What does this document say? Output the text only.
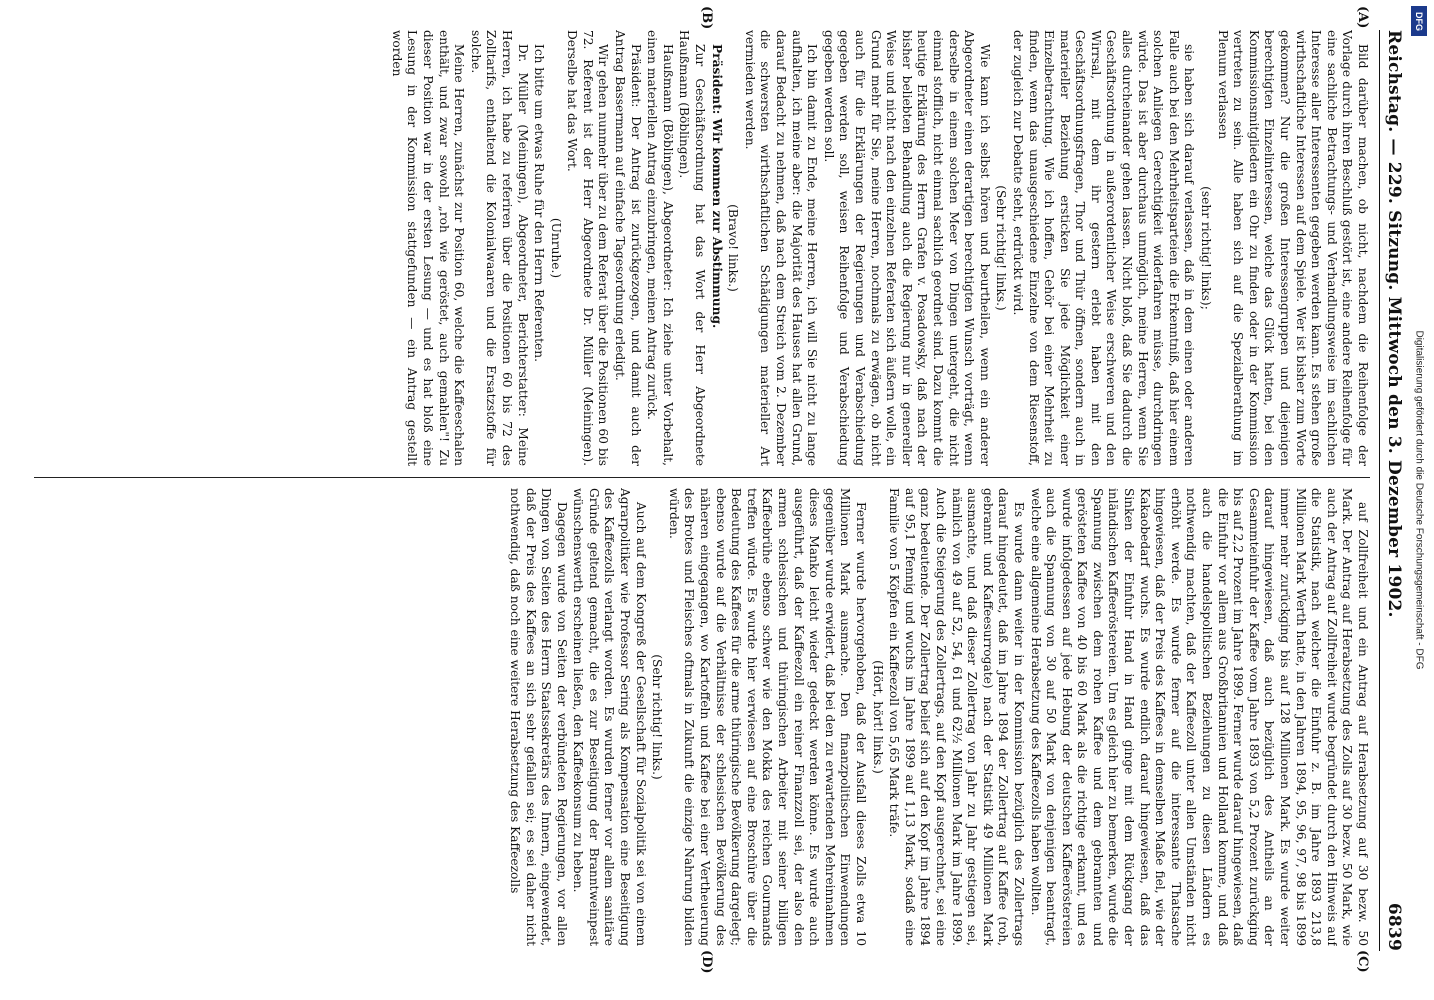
Reichstag. — 229. Sitzung. Mittwoch den 3. Dezember 1902.
6839
(A)
(B)
(C)
(D)

Bild darüber machen, ob nicht, nachdem die Reihenfolge der Vorlage durch ihren Beschluß gestört ist, eine andere Reihenfolge für eine sachliche Betrachtungs- und Verhandlungsweise im sachlichen Interesse aller Interessenten gegeben werden kann. Es stehen große wirthschaftliche Interessen auf dem Spiele. Wer ist bisher zum Worte gekommen? Nur die großen Interessengruppen und diejenigen berechtigten Einzelinteressen, welche das Glück hatten, bei den Kommissionsmitgliedern ein Ohr zu finden oder in der Kommission vertreten zu sein. Alle haben sich auf die Spezialberathung im Plenum verlassen

(sehr richtig! links);

sie haben sich darauf verlassen, daß in dem einen oder anderen Falle auch bei den Mehrheitsparteien die Erkenntniß, daß hier einem solchen Anliegen Gerechtigkeit widerfahren müsse, durchdringen würde. Das ist aber durchaus unmöglich, meine Herren, wenn Sie alles durcheinander gehen lassen. Nicht bloß, daß Sie dadurch die Geschäftsordnung in außerordentlicher Weise erschweren und den Wirrsal, mit dem ihr gestern erlebt haben mit den Geschäftsordnungsfragen, Thor und Thür öffnen, sondern auch in materieller Beziehung ersticken Sie jede Möglichkeit einer Einzelbetrachtung. Wie ich hoffen, Gehör bei einer Mehrheit zu finden, wenn das unausgeschiedene Einzelne von dem Riesenstoff, der zugleich zur Debatte steht, erdrückt wird.

(Sehr richtig! links.)

Wie kann ich selbst hören und beurtheilen, wenn ein anderer Abgeordneter einen derartigen berechtigten Wunsch vorträgt, wenn derselbe in einem solchen Meer von Dingen untergeht, die nicht einmal stofflich, nicht einmal sachlich geordnet sind. Dazu kommt die heutige Erklärung des Herrn Grafen v. Posadowsky, daß nach der bisher beliebten Behandlung auch die Regierung nur in genereller Weise und nicht nach den einzelnen Referaten sich äußern wolle, ein Grund mehr für Sie, meine Herren, nochmals zu erwägen, ob nicht auch für die Erklärungen der Regierungen und Verabschiedung gegeben werden soll, weisen Reihenfolge und Verabschiedung gegeben werden soll.

Ich bin damit zu Ende, meine Herren, ich will Sie nicht zu lange aufhalten, ich meine aber: die Majorität des Hauses hat allen Grund, darauf Bedacht zu nehmen, daß nach dem Streich vom 2. Dezember die schwersten wirthschaftlichen Schädigungen materieller Art vermieden werden.

(Bravo! links.)

Präsident: Wir kommen zur Abstimmung.

Zur Geschäftsordnung hat das Wort der Herr Abgeordnete Haußmann (Böblingen).

Haußmann (Böblingen), Abgeordneter: Ich ziehe unter Vorbehalt, einen materiellen Antrag einzubringen, meinen Antrag zurück.

Präsident: Der Antrag ist zurückgezogen, und damit auch der Antrag Bassermann auf einfache Tagesordnung erledigt.

Wir gehen nunmehr über zu dem Referat über die Positionen 60 bis 72. Referent ist der Herr Abgeordnete Dr. Müller (Meiningen). Derselbe hat das Wort.

(Unruhe.)

Ich bitte um etwas Ruhe für den Herrn Referenten.

Dr. Müller (Meiningen), Abgeordneter, Berichterstatter: Meine Herren, ich habe zu referiren über die Positionen 60 bis 72 des Zolltarifs, enthaltend die Kolonialwaaren und die Ersatzstoffe für solche.

Meine Herren, zunächst zur Position 60, welche die Kaffeeschalen enthält, und zwar sowohl „roh wie geröstet, auch gemahlen"! Zu dieser Position war in der ersten Lesung — und es hat bloß eine Lesung in der Kommission stattgefunden — ein Antrag gestellt worden

auf Zollfreiheit und ein Antrag auf Herabsetzung auf 30 bezw. 50 Mark. Der Antrag auf Herabsetzung des Zolls auf 30 bezw. 50 Mark, wie auch der Antrag auf Zollfreiheit wurde begründet durch den Hinweis auf die Statistik, nach welcher die Einfuhr z. B. im Jahre 1893 213,8 Millionen Mark Werth hatte, in den Jahren 1894, 95, 96, 97, 98 bis 1899 immer mehr zurückging bis auf 128 Millionen Mark. Es wurde weiter darauf hingewiesen, daß auch bezüglich des Antheils an der Gesammteinfuhr der Kaffee vom Jahre 1893 von 5,2 Prozent zurückging bis auf 2,2 Prozent im Jahre 1899. Ferner wurde darauf hingewiesen, daß die Einfuhr vor allem aus Großbritannien und Holland komme, und daß auch die handelspolitischen Beziehungen zu diesen Ländern es nothwendig machten, daß der Kaffeezoll unter allen Umständen nicht erhöht werde. Es wurde ferner auf die interessante Thatsache hingewiesen, daß der Preis des Kaffees in demselben Maße fiel, wie der Kakaobedarf wuchs. Es wurde endlich darauf hingewiesen, daß das Sinken der Einfuhr Hand in Hand ginge mit dem Rückgang der inländischen Kaffeeröstereien. Um es gleich hier zu bemerken, wurde die Spannung zwischen dem rohen Kaffee und dem gebrannten und gerösteten Kaffee von 40 bis 60 Mark als die richtige erkannt, und es wurde infolgedessen auf jede Hebung der deutschen Kaffeeröstereien auch die Spannung von 30 auf 50 Mark von denjenigen beantragt, welche eine allgemeine Herabsetzung des Kaffeezolls haben wollten.

Es wurde dann weiter in der Kommission bezüglich des Zollertrags darauf hingedeutet, daß im Jahre 1894 der Zollertrag auf Kaffee (roh, gebrannt und Kaffeesurrogate) nach der Statistik 49 Millionen Mark ausmachte, und daß dieser Zollertrag von Jahr zu Jahr gestiegen sei, nämlich von 49 auf 52, 54, 61 und 62½ Millionen Mark im Jahre 1899. Auch die Steigerung des Zollertrags, auf den Kopf ausgerechnet, sei eine ganz bedeutende. Der Zollertrag belief sich auf den Kopf im Jahre 1894 auf 95,1 Pfennig und wuchs im Jahre 1899 auf 1,13 Mark, sodaß eine Familie von 5 Köpfen ein Kaffeezoll von 5,65 Mark träfe.

(Hört, hört! links.)

Ferner wurde hervorgehoben, daß der Ausfall dieses Zolls etwa 10 Millionen Mark ausmache. Den finanzpolitischen Einwendungen gegenüber wurde erwidert, daß bei den zu erwartenden Mehreinnahmen dieses Manko leicht wieder gedeckt werden könne. Es wurde auch ausgeführt, daß der Kaffeezoll ein reiner Finanzzoll sei, der also den armen schlesischen und thüringischen Arbeiter mit seiner billigen Kaffeebrühe ebenso schwer wie den Mokka des reichen Gourmands treffen würde. Es wurde hier verwiesen auf eine Broschüre über die Bedeutung des Kaffees für die arme thüringische Bevölkerung dargelegt; ebenso wurde auf die Verhältnisse der schlesischen Bevölkerung des näheren eingegangen, wo Kartoffeln und Kaffee bei einer Vertheuerung des Brotes und Fleisches oftmals in Zukunft die einzige Nahrung bilden würden.

(Sehr richtig! links.)

Auch auf dem Kongreß der Gesellschaft für Sozialpolitik sei von einem Agrarpolitiker wie Professor Sering als Kompensation eine Beseitigung des Kaffeezolls verlangt worden. Es wurden ferner vor allem sanitäre Gründe geltend gemacht, die es zur Beseitigung der Branntweinpest wünschenswerth erscheinen ließen, den Kaffeekonsum zu heben.

Dagegen wurde von Seiten der verbündeten Regierungen, vor allen Dingen von Seiten des Herrn Staatssekretärs des Innern, eingewendet, daß der Preis des Kaffees an sich sehr gefallen sei; es sei daher nicht nothwendig, daß noch eine weitere Herabsetzung des Kaffeezolls

DFG
Digitalisierung gefördert durch die Deutsche Forschungsgemeinschaft - DFG
